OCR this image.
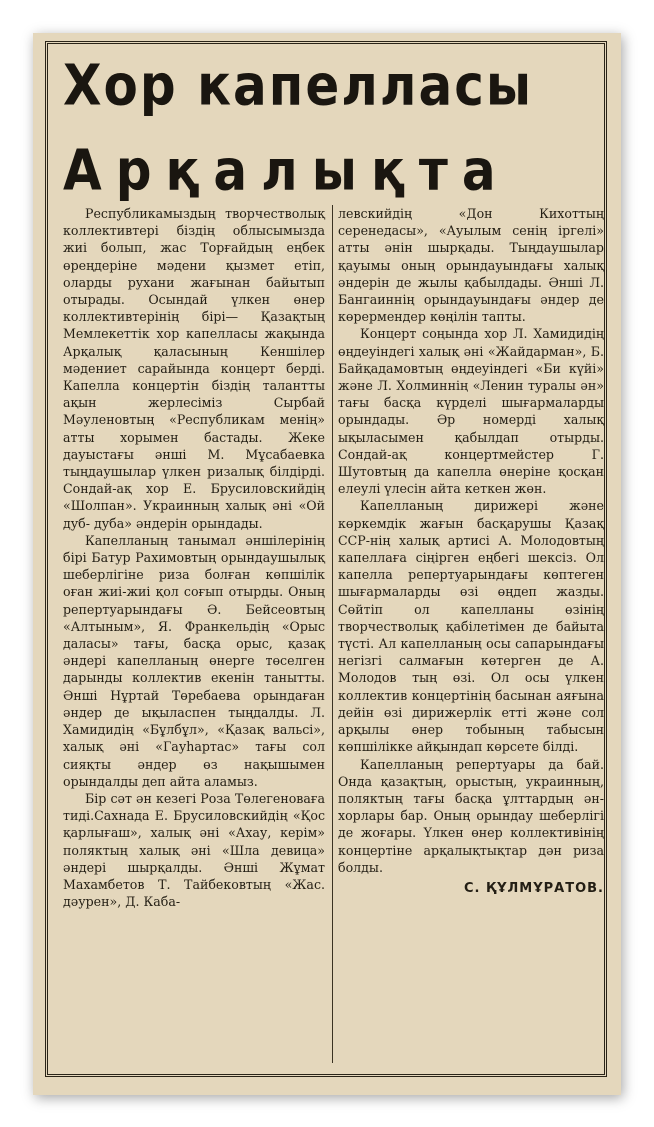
Хор капелласы
Арқалықта

Республикамыздың творчестволық коллективтері біздің облысымызда жиі болып, жас Торғайдың еңбек өреңдеріне мәдени қызмет етіп, оларды рухани жағынан байытып отырады. Осындай үлкен өнер коллективтерінің бірі— Қазақтың Мемлекеттік хор капелласы жақында Арқалық қаласының Кеншілер мәдениет сарайында концерт берді. Капелла концертін біздің талантты ақын жерлесіміз Сырбай Мәуленовтың «Республикам менің» атты хорымен бастады. Жеке дауыстағы әнші М. Мұсабаевка тыңдаушылар үлкен ризалық білдірді. Сондай-ақ хор Е. Брусиловскийдің «Шолпан». Украинның халық әні «Ой дуб- дуба» әндерін орындады.

Капелланың танымал әншілерінің бірі Батур Рахимовтың орындаушылық шеберлігіне риза болған көпшілік оған жиі-жиі қол соғып отырды. Оның репертуарындағы Ә. Бейсеовтың «Алтыным», Я. Франкельдің «Орыс даласы» тағы, басқа орыс, қазақ әндері капелланың өнерге төселген дарынды коллектив екенін танытты. Әнші Нұртай Төребаева орындаған әндер де ықыласпен тыңдалды. Л. Хамидидің «Бұлбұл», «Қазақ вальсі», халық әні «Гауһартас» тағы сол сияқты әндер өз нақышымен орындалды деп айта аламыз.

Бір сәт ән кезегі Роза Төлегеновағa тиді.Сахнада Е. Брусиловскийдің «Қос қарлығаш», халық әні «Ахау, керім» поляктың халық әні «Шла девица» әндері шырқалды. Әнші Жұмат Махамбетов Т. Тайбековтың «Жас. дәурен», Д. Каба-

левскийдің «Дон Кихоттың серенедасы», «Ауылым сенің іргелі» атты әнін шырқады. Тыңдаушылар қауымы оның орындауындағы халық әндерін де жылы қабылдады. Әнші Л. Бангаиннің орындауындағы әндер де көрермендер көңілін тапты.

Концерт соңында хор Л. Хамидидің өңдеуіндегі халық әні «Жайдарман», Б. Байқадамовтың өңдеуіндегі «Би күйі» және Л. Холминнің «Ленин туралы ән» тағы басқа күрделі шығармаларды орындады. Әр номерді халық ықыласымен қабылдап отырды. Сондай-ақ концертмейстер Г. Шутовтың да капелла өнеріне қосқан елеулі үлесін айта кеткен жөн.

Капелланың дирижері және көркемдік жағын басқарушы Қазақ ССР-нің халық артисі А. Молодовтың капеллаға сіңірген еңбегі шексіз. Ол капелла репертуарындағы көптеген шығармаларды өзі өңдеп жазды. Сөйтіп ол капелланы өзінің творчестволық қабілетімен де байыта түсті. Ал капелланың осы сапарындағы негізгі салмағын көтерген де А. Молодов тың өзі. Ол осы үлкен коллектив концертінің басынан аяғына дейін өзі дирижерлік етті және сол арқылы өнер тобының табысын көпшілікке айқындап көрсете білді.

Капелланың репертуары да бай. Онда қазақтың, орыстың, украинның, поляктың тағы басқа ұлттардың ән-хорлары бар. Оның орындау шеберлігі де жоғары. Үлкен өнер коллективінің концертіне арқалықтықтар дән риза болды.

С. ҚҰЛМҰРАТОВ.
